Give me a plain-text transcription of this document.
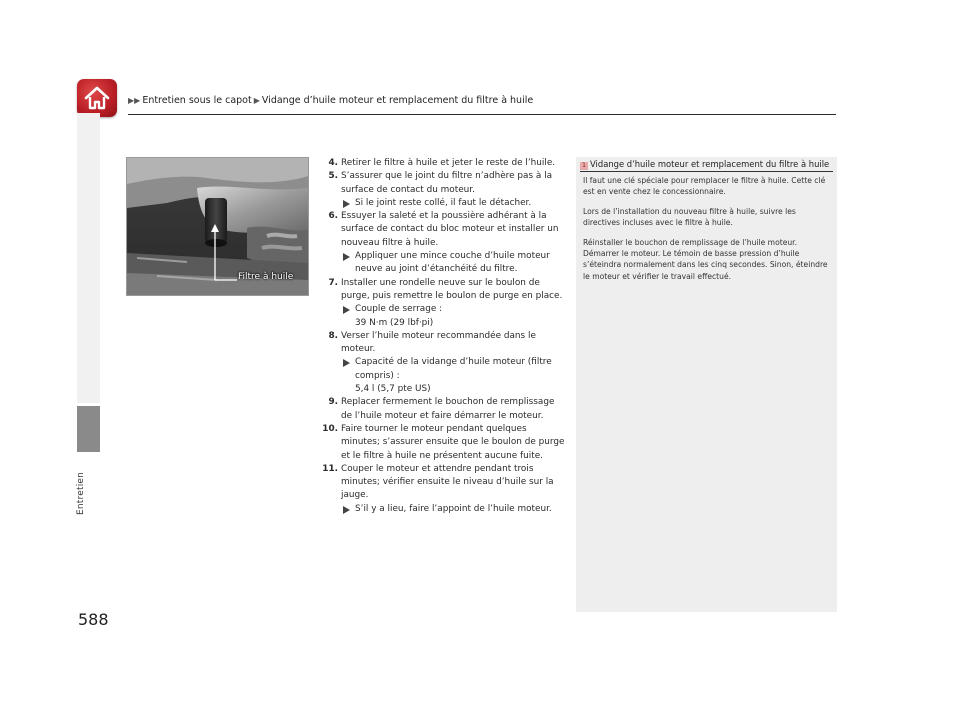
▶▶ Entretien sous le capot ▶ Vidange d’huile moteur et remplacement du filtre à huile
Entretien
Filtre à huile
4. Retirer le filtre à huile et jeter le reste de l’huile.
5. S’assurer que le joint du filtre n’adhère pas à la surface de contact du moteur.
Si le joint reste collé, il faut le détacher.
6. Essuyer la saleté et la poussière adhérant à la surface de contact du bloc moteur et installer un nouveau filtre à huile.
Appliquer une mince couche d’huile moteur neuve au joint d’étanchéité du filtre.
7. Installer une rondelle neuve sur le boulon de purge, puis remettre le boulon de purge en place.
Couple de serrage :
39 N·m (29 lbf·pi)
8. Verser l’huile moteur recommandée dans le moteur.
Capacité de la vidange d’huile moteur (filtre compris) :
5,4 l (5,7 pte US)
9. Replacer fermement le bouchon de remplissage de l’huile moteur et faire démarrer le moteur.
10. Faire tourner le moteur pendant quelques minutes; s’assurer ensuite que le boulon de purge et le filtre à huile ne présentent aucune fuite.
11. Couper le moteur et attendre pendant trois minutes; vérifier ensuite le niveau d’huile sur la jauge.
S’il y a lieu, faire l’appoint de l’huile moteur.
1 Vidange d’huile moteur et remplacement du filtre à huile

Il faut une clé spéciale pour remplacer le filtre à huile. Cette clé est en vente chez le concessionnaire.

Lors de l’installation du nouveau filtre à huile, suivre les directives incluses avec le filtre à huile.

Réinstaller le bouchon de remplissage de l’huile moteur. Démarrer le moteur. Le témoin de basse pression d’huile s’éteindra normalement dans les cinq secondes. Sinon, éteindre le moteur et vérifier le travail effectué.

588
